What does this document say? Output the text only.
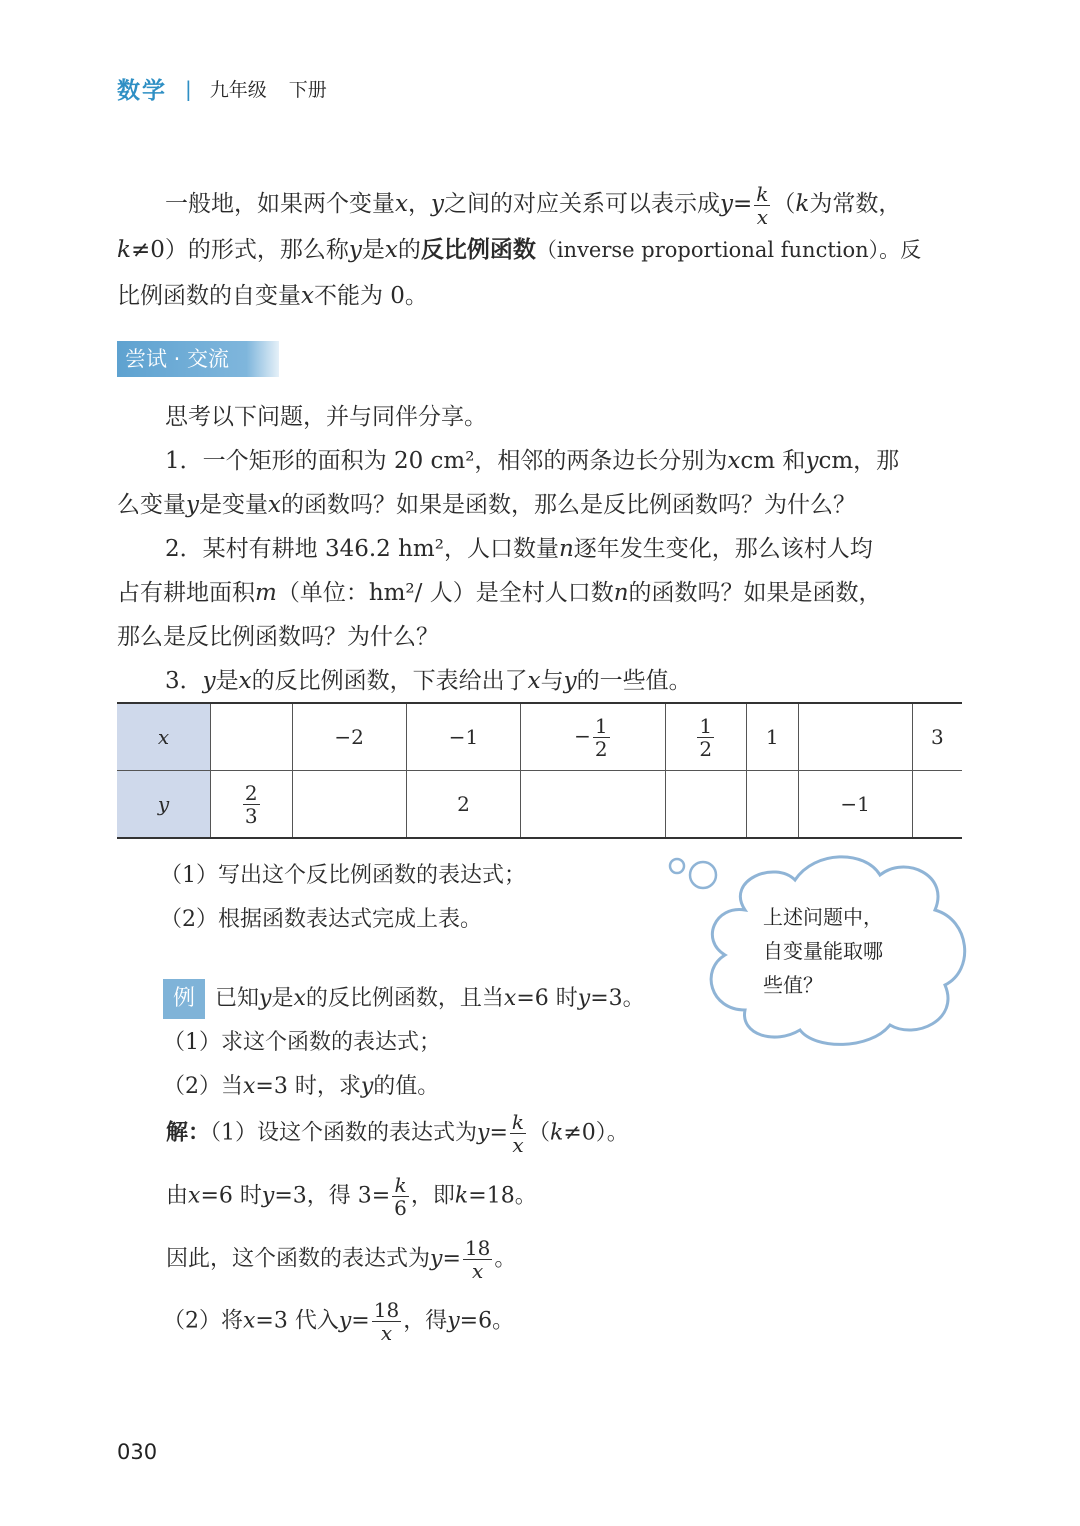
数学 | 九年级 下册
一般地，如果两个变量x，y之间的对应关系可以表示成$y= \frac{k}{x} (k$为常数，
k≠0）的形式，那么称y是x的反比例函数（inverse proportional function）。反
比例函数的自变量x不能为 0。
尝试 · 交流
思考以下问题，并与同伴分享。
1．一个矩形的面积为 20 cm²，相邻的两条边长分别为xcm 和ycm，那
么变量y是变量x的函数吗？如果是函数，那么是反比例函数吗？为什么？
2．某村有耕地 346.2 hm²，人口数量n逐年发生变化，那么该村人均
占有耕地面积m（单位：hm²/ 人）是全村人口数n的函数吗？如果是函数，
那么是反比例函数吗？为什么？
3．y是x的反比例函数，下表给出了x与y的一些值。
x		−2	−1	− $\frac{1}{2}$	$\frac{1}{2}$	1		3
y	$\frac{2}{3}$		2				−1	
（1）写出这个反比例函数的表达式；
（2）根据函数表达式完成上表。	上述问题中，
自变量能取哪
些值？
例 已知y是x的反比例函数，且当x=6 时y=3。
（1）求这个函数的表达式；
（2）当x=3 时，求y的值。
解：（1）设这个函数的表达式为$y= \frac{k}{x} (k\ne 0)$。
由x=6 时y=3，得 $3= \frac{k}{6}$ ，即k=18。
因此，这个函数的表达式为$y= \frac{18}{x}$ 。
（2）将x=3 代入$y= \frac{18}{x}$ ，得y=6。
030
